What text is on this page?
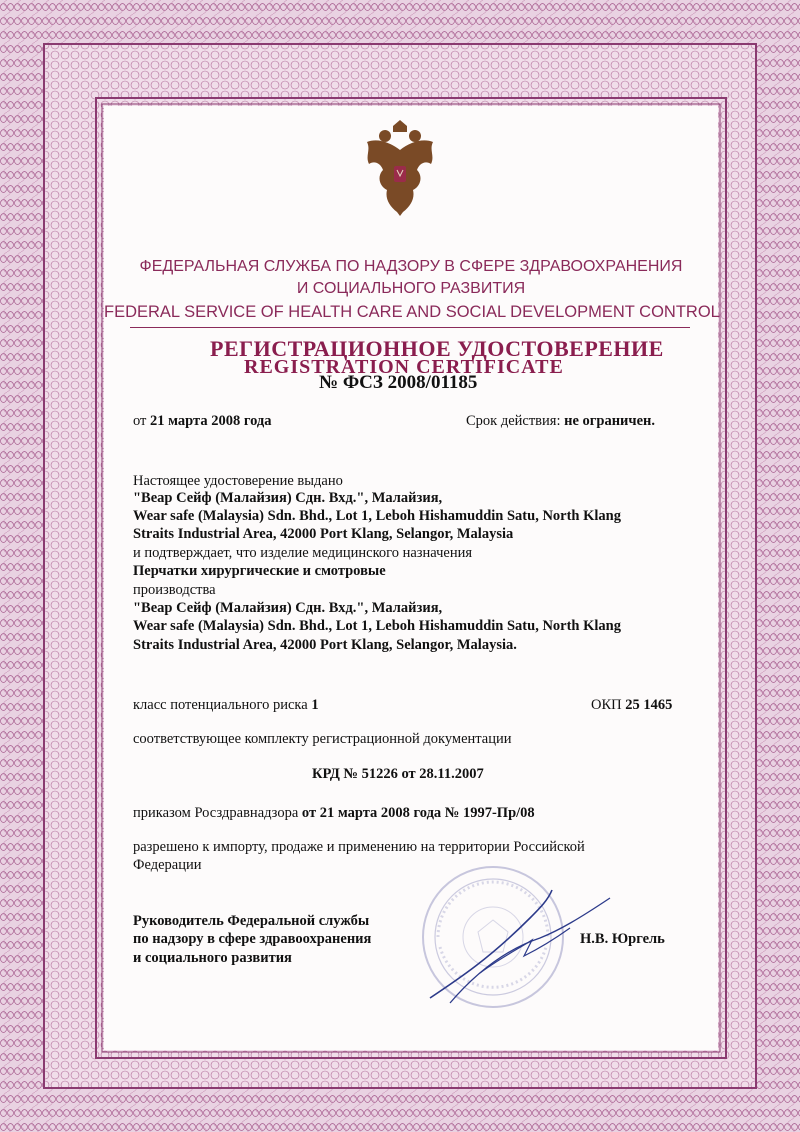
ФЕДЕРАЛЬНАЯ СЛУЖБА ПО НАДЗОРУ В СФЕРЕ ЗДРАВООХРАНЕНИЯ
И СОЦИАЛЬНОГО РАЗВИТИЯ
FEDERAL SERVICE OF HEALTH CARE AND SOCIAL DEVELOPMENT CONTROL
РЕГИСТРАЦИОННОЕ УДОСТОВЕРЕНИЕ
REGISTRATION CERTIFICATE
№ ФСЗ 2008/01185
от 21 марта 2008 года	Срок действия: не ограничен.
Настоящее удостоверение выдано
"Веар Сейф (Малайзия) Сдн. Вхд.", Малайзия,
Wear safe (Malaysia) Sdn. Bhd., Lot 1, Leboh Hishamuddin Satu, North Klang
Straits Industrial Area, 42000 Port Klang, Selangor, Malaysia
и подтверждает, что изделие медицинского назначения
Перчатки хирургические и смотровые
производства
"Веар Сейф (Малайзия) Сдн. Вхд.", Малайзия,
Wear safe (Malaysia) Sdn. Bhd., Lot 1, Leboh Hishamuddin Satu, North Klang
Straits Industrial Area, 42000 Port Klang, Selangor, Malaysia.
класс потенциального риска 1	ОКП 25 1465
соответствующее комплекту регистрационной документации
КРД № 51226 от 28.11.2007
приказом Росздравнадзора от 21 марта 2008 года № 1997-Пр/08
разрешено к импорту, продаже и применению на территории Российской
Федерации
Руководитель Федеральной службы
по надзору в сфере здравоохранения
и социального развития
Н.В. Юргель
